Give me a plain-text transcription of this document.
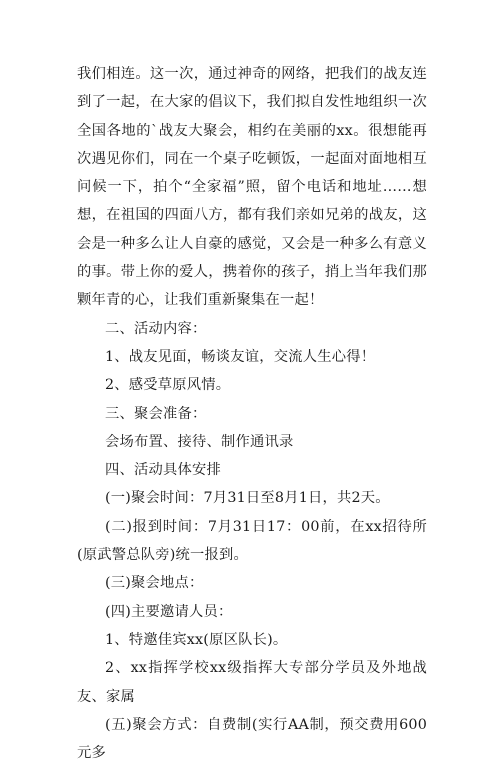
我们相连。这一次，通过神奇的网络，把我们的战友连到了一起，在大家的倡议下，我们拟自发性地组织一次全国各地的`战友大聚会，相约在美丽的xx。很想能再次遇见你们，同在一个桌子吃顿饭，一起面对面地相互问候一下，拍个“全家福”照，留个电话和地址……想想，在祖国的四面八方，都有我们亲如兄弟的战友，这会是一种多么让人自豪的感觉，又会是一种多么有意义的事。带上你的爱人，携着你的孩子，捎上当年我们那颗年青的心，让我们重新聚集在一起！

二、活动内容：

1、战友见面，畅谈友谊，交流人生心得！

2、感受草原风情。

三、聚会准备：

会场布置、接待、制作通讯录

四、活动具体安排

(一)聚会时间：7月31日至8月1日，共2天。

(二)报到时间：7月31日17：00前，在xx招待所(原武警总队旁)统一报到。

(三)聚会地点：

(四)主要邀请人员：

1、特邀佳宾xx(原区队长)。

2、xx指挥学校xx级指挥大专部分学员及外地战友、家属

(五)聚会方式：自费制(实行AA制，预交费用600元多
